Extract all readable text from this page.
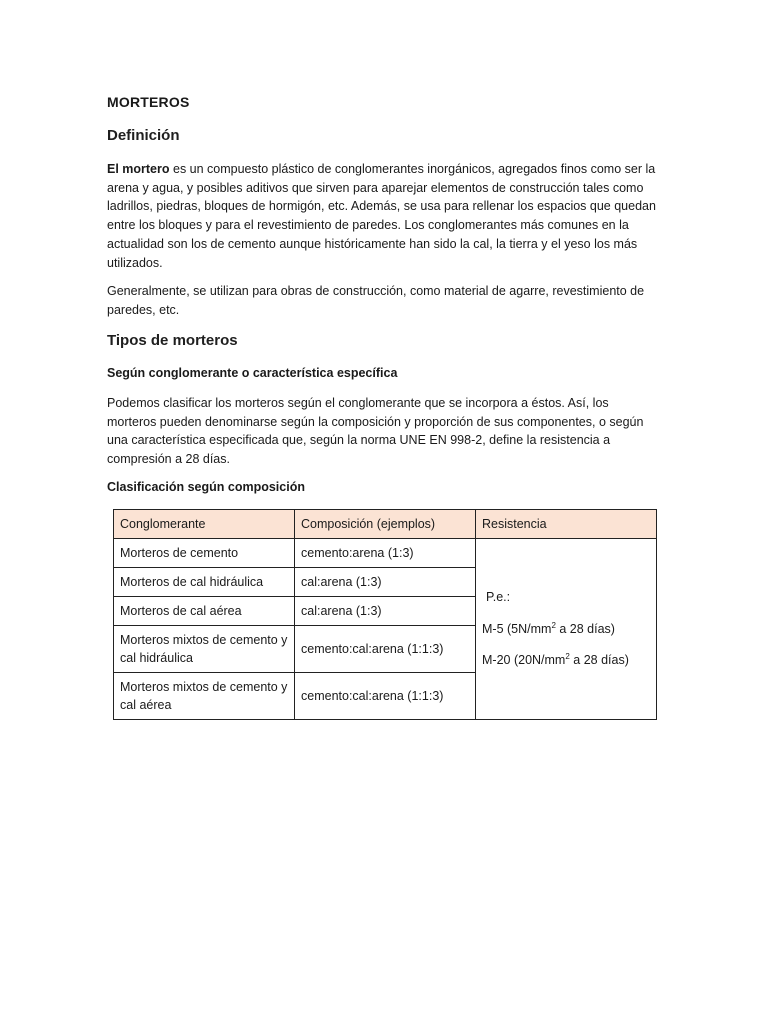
MORTEROS
Definición

El mortero es un compuesto plástico de conglomerantes inorgánicos, agregados finos como ser la arena y agua, y posibles aditivos que sirven para aparejar elementos de construcción tales como ladrillos, piedras, bloques de hormigón, etc. Además, se usa para rellenar los espacios que quedan entre los bloques y para el revestimiento de paredes. Los conglomerantes más comunes en la actualidad son los de cemento aunque históricamente han sido la cal, la tierra y el yeso los más utilizados.

Generalmente, se utilizan para obras de construcción, como material de agarre, revestimiento de paredes, etc.

Tipos de morteros
Según conglomerante o característica específica

Podemos clasificar los morteros según el conglomerante que se incorpora a éstos. Así, los morteros pueden denominarse según la composición y proporción de sus componentes, o según una característica especificada que, según la norma UNE EN 998-2, define la resistencia a compresión a 28 días.

Clasificación según composición
Conglomerante	Composición (ejemplos)	Resistencia
Morteros de cemento	cemento:arena (1:3)	P.e.:

M-5 ($5N/mm^2$ a 28 días)

M-20 ($20N/mm^2$ a 28 días)

Morteros de cal hidráulica	cal:arena (1:3)	
Morteros de cal aérea	cal:arena (1:3)	
Morteros mixtos de cemento y cal hidráulica	cemento:cal:arena (1:1:3)	
Morteros mixtos de cemento y cal aérea	cemento:cal:arena (1:1:3)	
